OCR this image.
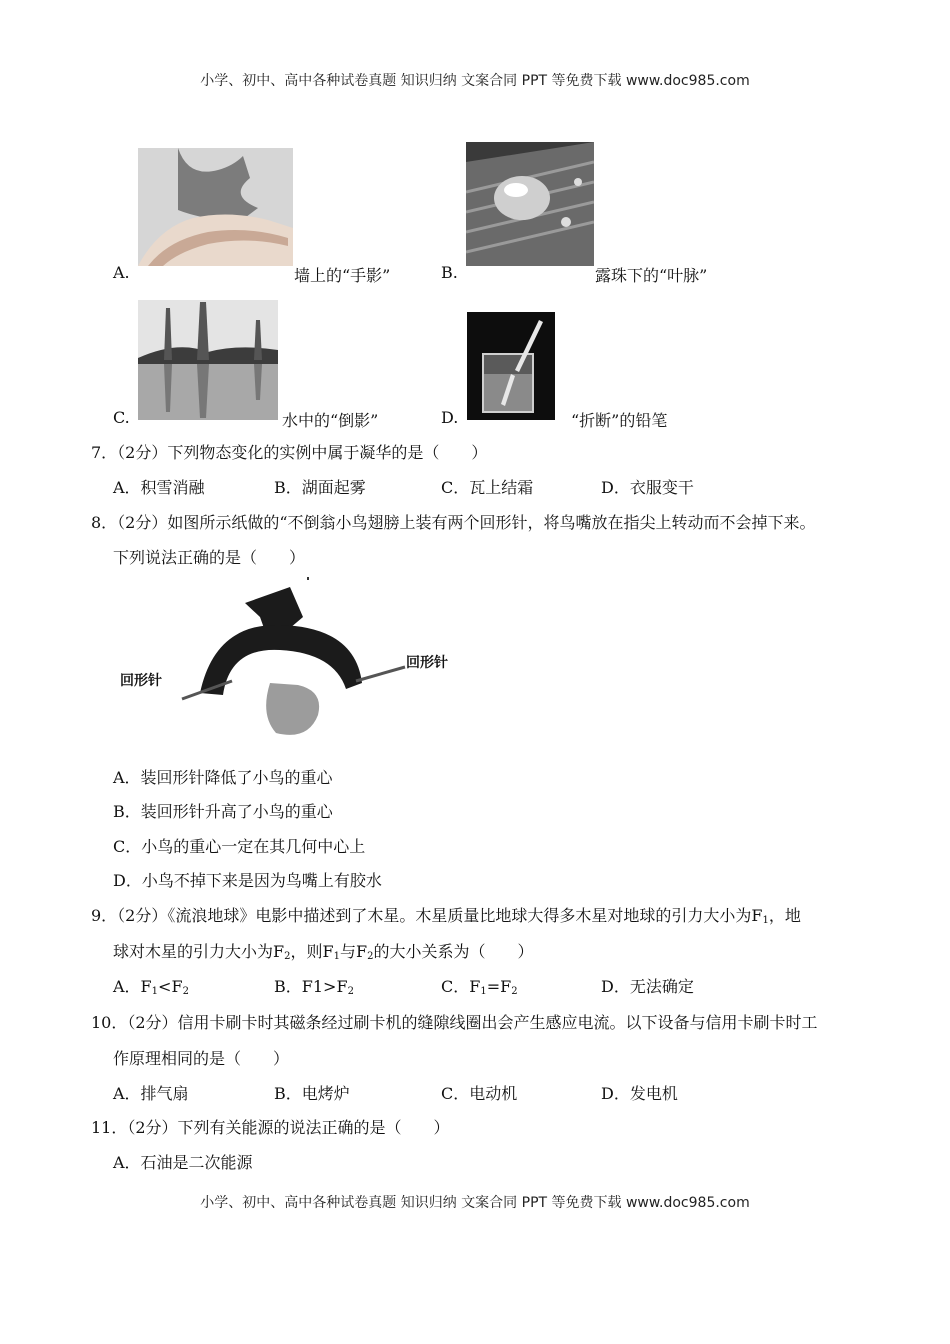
小学、初中、高中各种试卷真题 知识归纳 文案合同 PPT 等免费下载 www.doc985.com
A.	墙上的“手影”	B.	露珠下的“叶脉”
C.	水中的“倒影”	D.	“折断”的铅笔
7．（2分）下列物态变化的实例中属于凝华的是（　　）
A．积雪消融	B．湖面起雾	C．瓦上结霜	D．衣服变干
8．（2分）如图所示纸做的“不倒翁小鸟翅膀上装有两个回形针，将鸟嘴放在指尖上转动而不会掉下来。
下列说法正确的是（　　）
回形针
回形针
A．装回形针降低了小鸟的重心
B．装回形针升高了小鸟的重心
C．小鸟的重心一定在其几何中心上
D．小鸟不掉下来是因为鸟嘴上有胶水
9．（2分）《流浪地球》电影中描述到了木星。木星质量比地球大得多木星对地球的引力大小为$F_1$，地
球对木星的引力大小为$F_2$，则$F_1$与$F_2$的大小关系为（　　）
A．$F_1<F_2$	B．$F1>F_2$	C．$F_1=F_2$	D．无法确定
10．（2分）信用卡刷卡时其磁条经过刷卡机的缝隙线圈出会产生感应电流。以下设备与信用卡刷卡时工
作原理相同的是（　　）
A．排气扇	B．电烤炉	C．电动机	D．发电机
11．（2分）下列有关能源的说法正确的是（　　）
A．石油是二次能源
小学、初中、高中各种试卷真题 知识归纳 文案合同 PPT 等免费下载 www.doc985.com
